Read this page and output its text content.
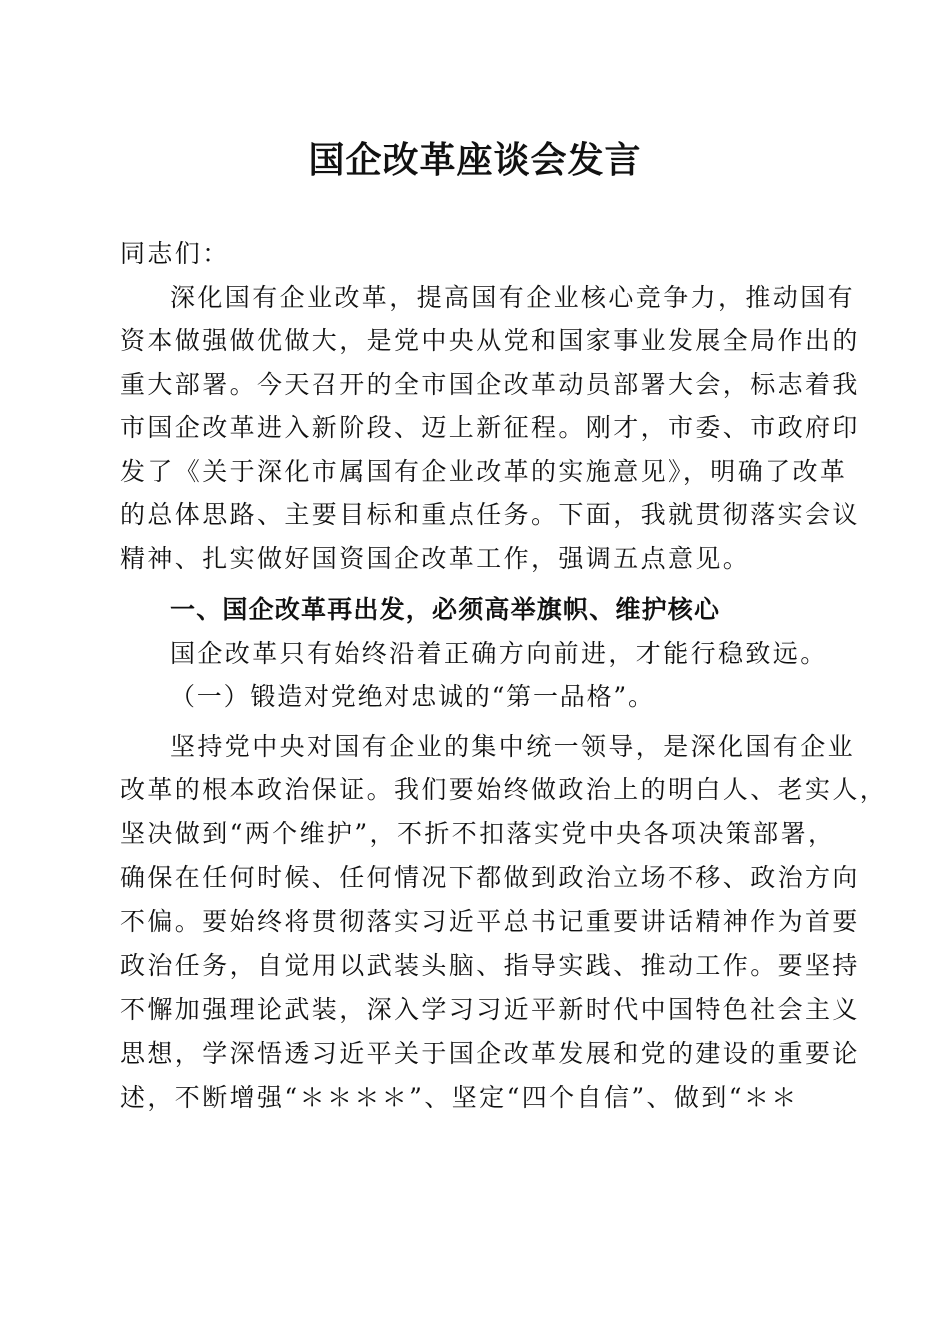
国企改革座谈会发言
同志们：
深化国有企业改革，提高国有企业核心竞争力，推动国有
资本做强做优做大，是党中央从党和国家事业发展全局作出的
重大部署。今天召开的全市国企改革动员部署大会，标志着我
市国企改革进入新阶段、迈上新征程。刚才，市委、市政府印
发了《关于深化市属国有企业改革的实施意见》，明确了改革
的总体思路、主要目标和重点任务。下面，我就贯彻落实会议
精神、扎实做好国资国企改革工作，强调五点意见。
一、国企改革再出发，必须高举旗帜、维护核心
国企改革只有始终沿着正确方向前进，才能行稳致远。
（一）锻造对党绝对忠诚的“第一品格”。
坚持党中央对国有企业的集中统一领导，是深化国有企业
改革的根本政治保证。我们要始终做政治上的明白人、老实人，
坚决做到“两个维护”，不折不扣落实党中央各项决策部署，
确保在任何时候、任何情况下都做到政治立场不移、政治方向
不偏。要始终将贯彻落实习近平总书记重要讲话精神作为首要
政治任务，自觉用以武装头脑、指导实践、推动工作。要坚持
不懈加强理论武装，深入学习习近平新时代中国特色社会主义
思想，学深悟透习近平关于国企改革发展和党的建设的重要论
述，不断增强“＊＊＊＊”、坚定“四个自信”、做到“＊＊
